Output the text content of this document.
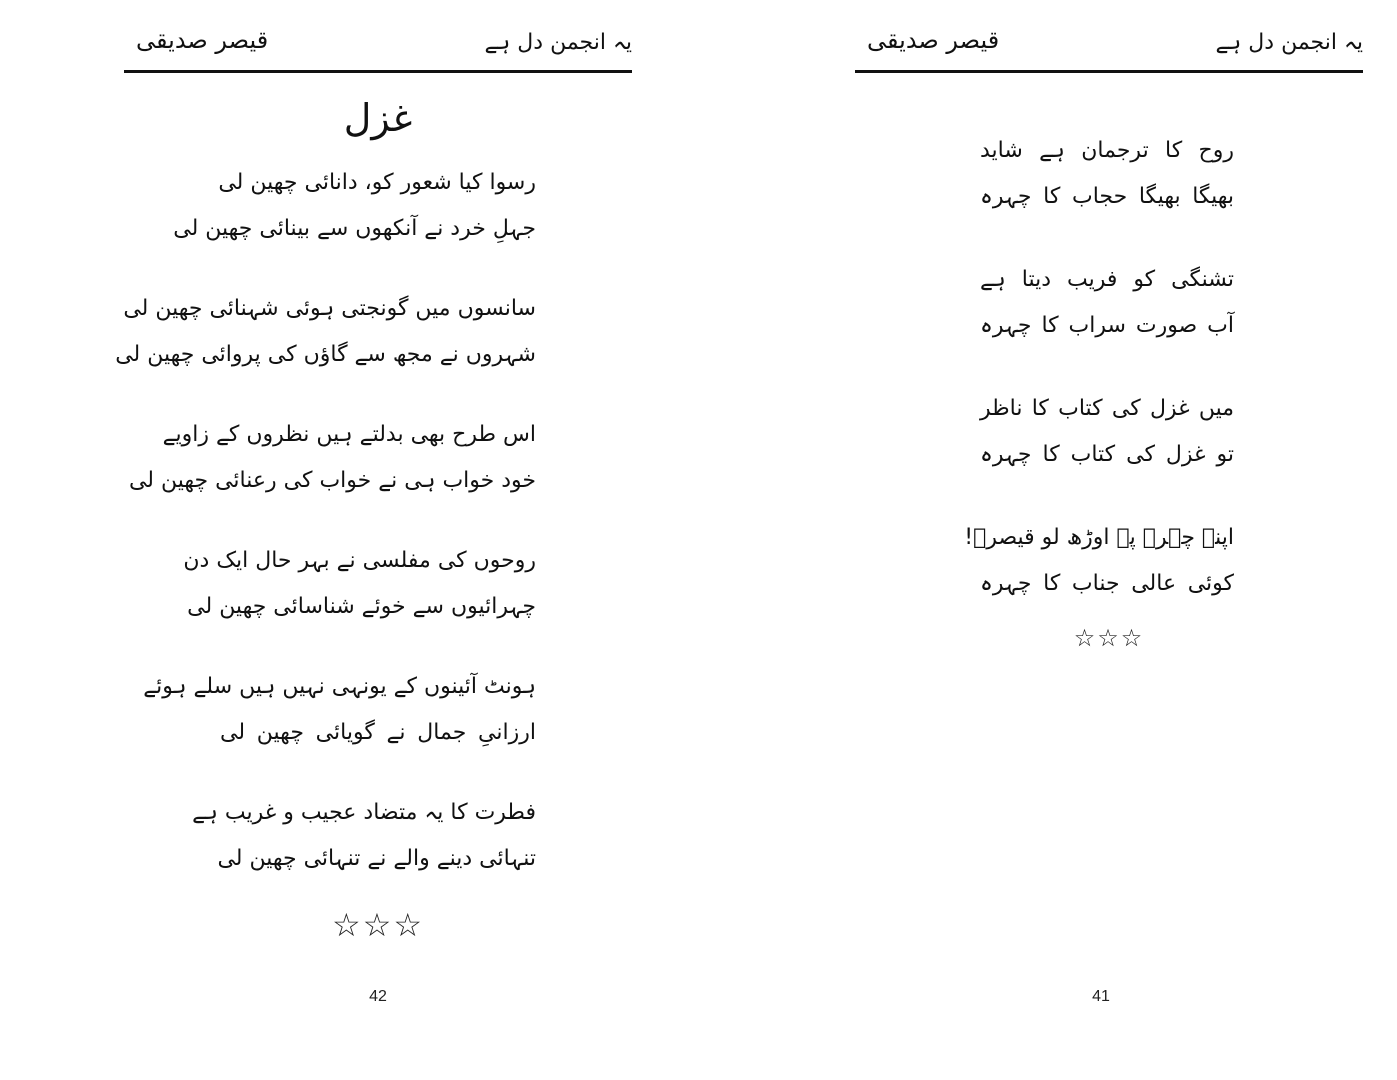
قیصر صدیقی	یہ انجمن دل ہے
غزل
رسوا کیا شعور کو، دانائی چھین لی
جہلِ خرد نے آنکھوں سے بینائی چھین لی
سانسوں میں گونجتی ہوئی شہنائی چھین لی
شہروں نے مجھ سے گاؤں کی پروائی چھین لی
اس طرح بھی بدلتے ہیں نظروں کے زاویے
خود خواب ہی نے خواب کی رعنائی چھین لی
روحوں کی مفلسی نے بہر حال ایک دن
چہرائیوں سے خوئے شناسائی چھین لی
ہونٹ آئینوں کے یونہی نہیں ہیں سلے ہوئے
ارزانیِ جمال نے گویائی چھین لی
فطرت کا یہ متضاد عجیب و غریب ہے
تنہائی دینے والے نے تنہائی چھین لی
☆☆☆
42
قیصر صدیقی	یہ انجمن دل ہے
روح کا ترجمان ہے شاید
بھیگا بھیگا حجاب کا چہرہ
تشنگی کو فریب دیتا ہے
آب صورت سراب کا چہرہ
میں غزل کی کتاب کا ناظر
تو غزل کی کتاب کا چہرہ
اپنے چہرے پہ اوڑھ لو قیصرؔ!
کوئی عالی جناب کا چہرہ
☆☆☆
41
